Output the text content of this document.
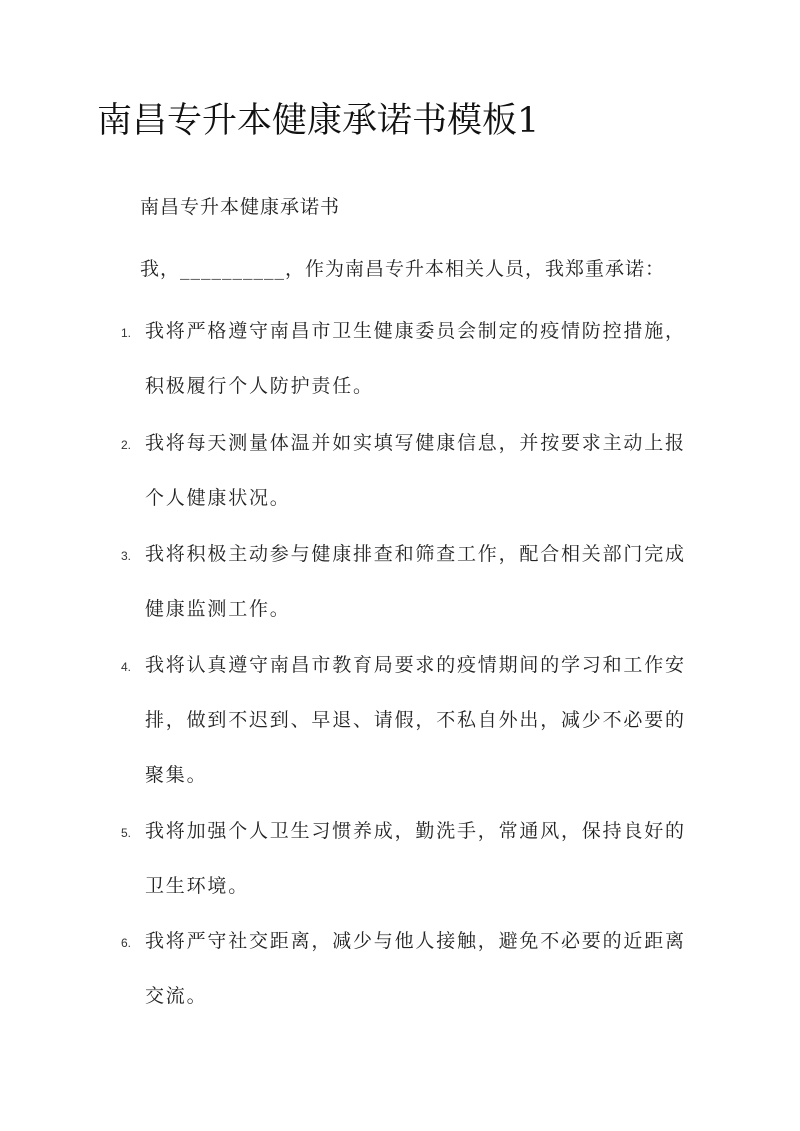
南昌专升本健康承诺书模板1
南昌专升本健康承诺书
我，__________，作为南昌专升本相关人员，我郑重承诺：
1. 我将严格遵守南昌市卫生健康委员会制定的疫情防控措施，
积极履行个人防护责任。
2. 我将每天测量体温并如实填写健康信息，并按要求主动上报
个人健康状况。
3. 我将积极主动参与健康排查和筛查工作，配合相关部门完成
健康监测工作。
4. 我将认真遵守南昌市教育局要求的疫情期间的学习和工作安
排，做到不迟到、早退、请假，不私自外出，减少不必要的
聚集。
5. 我将加强个人卫生习惯养成，勤洗手，常通风，保持良好的
卫生环境。
6. 我将严守社交距离，减少与他人接触，避免不必要的近距离
交流。
